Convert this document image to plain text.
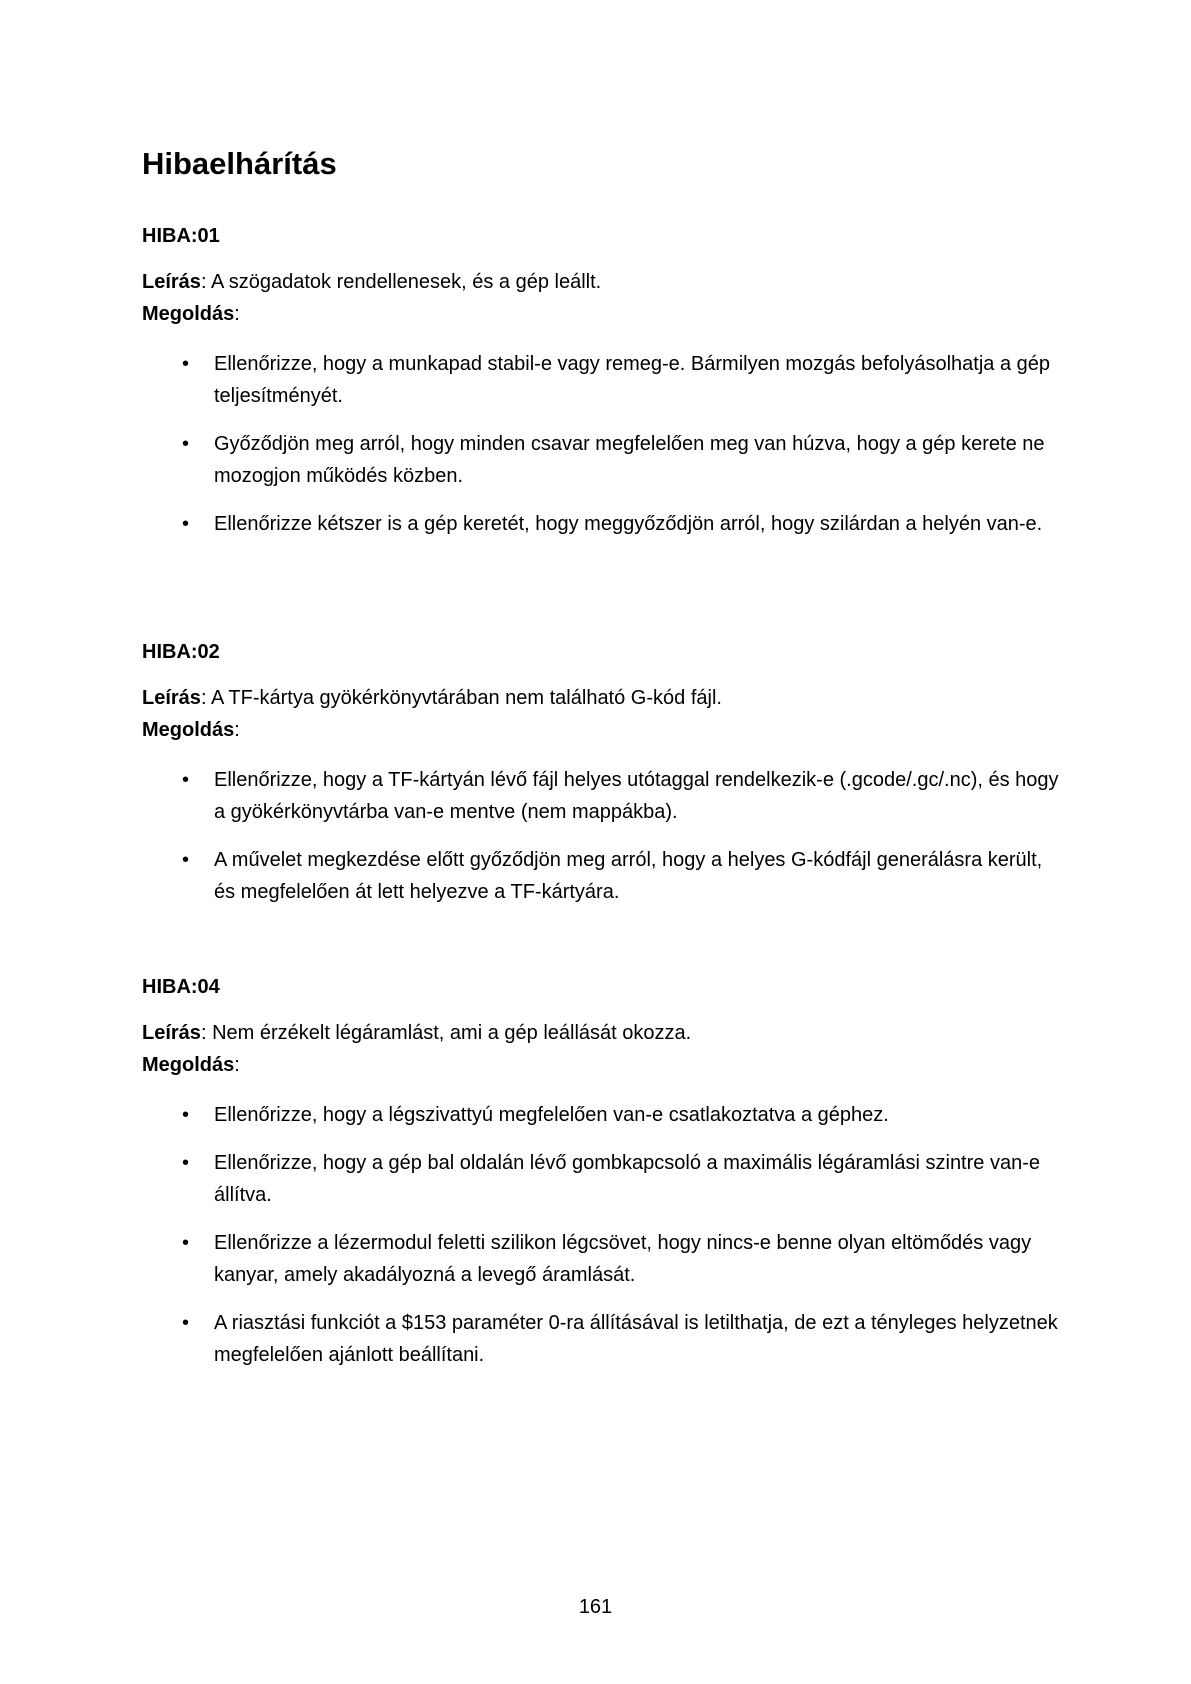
Hibaelhárítás
HIBA:01

Leírás: A szögadatok rendellenesek, és a gép leállt.

Megoldás:

• Ellenőrizze, hogy a munkapad stabil-e vagy remeg-e. Bármilyen mozgás befolyásolhatja a gép teljesítményét.
• Győződjön meg arról, hogy minden csavar megfelelően meg van húzva, hogy a gép kerete ne mozogjon működés közben.
• Ellenőrizze kétszer is a gép keretét, hogy meggyőződjön arról, hogy szilárdan a helyén van-e.
HIBA:02

Leírás: A TF-kártya gyökérkönyvtárában nem található G-kód fájl.

Megoldás:

• Ellenőrizze, hogy a TF-kártyán lévő fájl helyes utótaggal rendelkezik-e (.gcode/.gc/.nc), és hogy a gyökérkönyvtárba van-e mentve (nem mappákba).
• A művelet megkezdése előtt győződjön meg arról, hogy a helyes G-kódfájl generálásra került, és megfelelően át lett helyezve a TF-kártyára.
HIBA:04

Leírás: Nem érzékelt légáramlást, ami a gép leállását okozza.

Megoldás:

• Ellenőrizze, hogy a légszivattyú megfelelően van-e csatlakoztatva a géphez.
• Ellenőrizze, hogy a gép bal oldalán lévő gombkapcsoló a maximális légáramlási szintre van-e állítva.
• Ellenőrizze a lézermodul feletti szilikon légcsövet, hogy nincs-e benne olyan eltömődés vagy kanyar, amely akadályozná a levegő áramlását.
• A riasztási funkciót a $153 paraméter 0-ra állításával is letilthatja, de ezt a tényleges helyzetnek megfelelően ajánlott beállítani.
161
